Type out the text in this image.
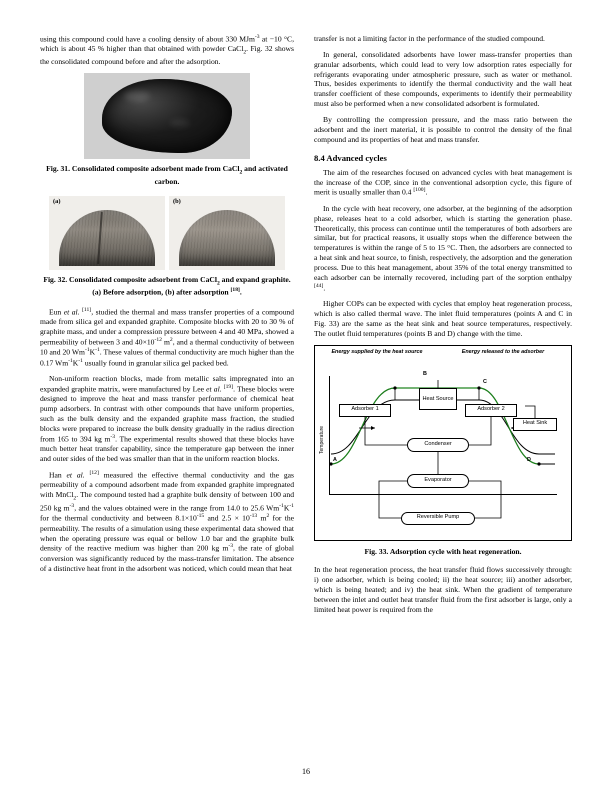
using this compound could have a cooling density of about 330 MJm$^{-3}$ at −10 °C, which is about 45 % higher than that obtained with powder CaCl$_2$. Fig. 32 shows the consolidated compound before and after the adsorption.

Fig. 31. Consolidated composite adsorbent made from CaCl$_2$ and activated carbon.
(a)	(b)
Fig. 32. Consolidated composite adsorbent from CaCl$_2$ and expand graphite. (a) Before adsorption, (b) after adsorption [18].

Eun et al. [11], studied the thermal and mass transfer properties of a compound made from silica gel and expanded graphite. Composite blocks with 20 to 30 % of graphite mass, and under a compression pressure between 4 and 40 MPa, showed a permeability of between 3 and $40\times 10^{-12}$ $m^2$, and a thermal conductivity of between 10 and 20 $Wm^{-1}K^{-1}$. These values of thermal conductivity are much higher than the 0.17 $Wm^{-1}K^{-1}$ usually found in granular silica gel packed bed.

Non-uniform reaction blocks, made from metallic salts impregnated into an expanded graphite matrix, were manufactured by Lee et al. [19]. These blocks were designed to improve the heat and mass transfer performance of chemical heat pump adsorbers. In contrast with other compounds that have uniform properties, such as the bulk density and the expanded graphite mass fraction, the studied blocks were prepared to increase the bulk density gradually in the radius direction from 165 to 394 kg $m^{-3}$. The experimental results showed that these blocks have much better heat transfer capability, since the temperature gap between the inner and outer sides of the bed was smaller than that in the uniform reaction blocks.

Han et al. [12] measured the effective thermal conductivity and the gas permeability of a compound adsorbent made from expanded graphite impregnated with MnCl$_2$. The compound tested had a graphite bulk density of between 100 and 250 kg $m^{-3}$, and the values obtained were in the range from 14.0 to 25.6 $Wm^{-1}K^{-1}$ for the thermal conductivity and between $8.1\times 10^{-15}$ and $2.5 \times 10^{-13}$ $m^2$ for the permeability. The results of a simulation using these experimental data showed that when the operating pressure was equal or bellow 1.0 bar and the graphite bulk density of the reactive medium was higher than 200 kg $m^{-3}$, the rate of global conversion was significantly reduced by the mass-transfer limitation. The absence of a distinctive heat front in the adsorbent was noticed, which could mean that heat

transfer is not a limiting factor in the performance of the studied compound.

In general, consolidated adsorbents have lower mass-transfer properties than granular adsorbents, which could lead to very low adsorption rates especially for refrigerants evaporating under atmospheric pressure, such as water or methanol. Thus, besides experiments to identify the thermal conductivity and the wall heat transfer coefficient of these compounds, experiments to identify their permeability must also be performed when a new consolidated adsorbent is formulated.

By controlling the compression pressure, and the mass ratio between the adsorbent and the inert material, it is possible to control the density of the final compound and its properties of heat and mass transfer.

8.4 Advanced cycles

The aim of the researches focused on advanced cycles with heat management is the increase of the COP, since in the conventional adsorption cycle, this figure of merit is usually smaller than 0.4 [100].

In the cycle with heat recovery, one adsorber, at the beginning of the adsorption phase, releases heat to a cold adsorber, which is starting the generation phase. Theoretically, this process can continue until the temperatures of both adsorbers are similar, but for practical reasons, it usually stops when the difference between the temperatures is within the range of 5 to 15 °C. Then, the adsorbers are connected to a heat sink and heat source, to finish, respectively, the adsorption and the generation process. Due to this heat management, about 35% of the total energy transmitted to each adsorber can be internally recovered, including part of the sorption enthalpy [44].

Higher COPs can be expected with cycles that employ heat regeneration process, which is also called thermal wave. The inlet fluid temperatures (points A and C in Fig. 33) are the same as the heat sink and heat source temperatures, respectively. The outlet fluid temperatures (points B and D) change with the time.

Energy supplied by the heat source	Energy released to the adsorber
Temperature
A
B
C
D
Adsorber 1	Adsorber 2
Heat Source
Heat Sink
Condenser
Evaporator
Reversible Pump
Fig. 33. Adsorption cycle with heat regeneration.

In the heat regeneration process, the heat transfer fluid flows successively through: i) one adsorber, which is being cooled; ii) the heat source; iii) another adsorber, which is being heated; and iv) the heat sink. When the gradient of temperature between the inlet and outlet heat transfer fluid from the first adsorber is large, only a limited heat power is required from the

16
